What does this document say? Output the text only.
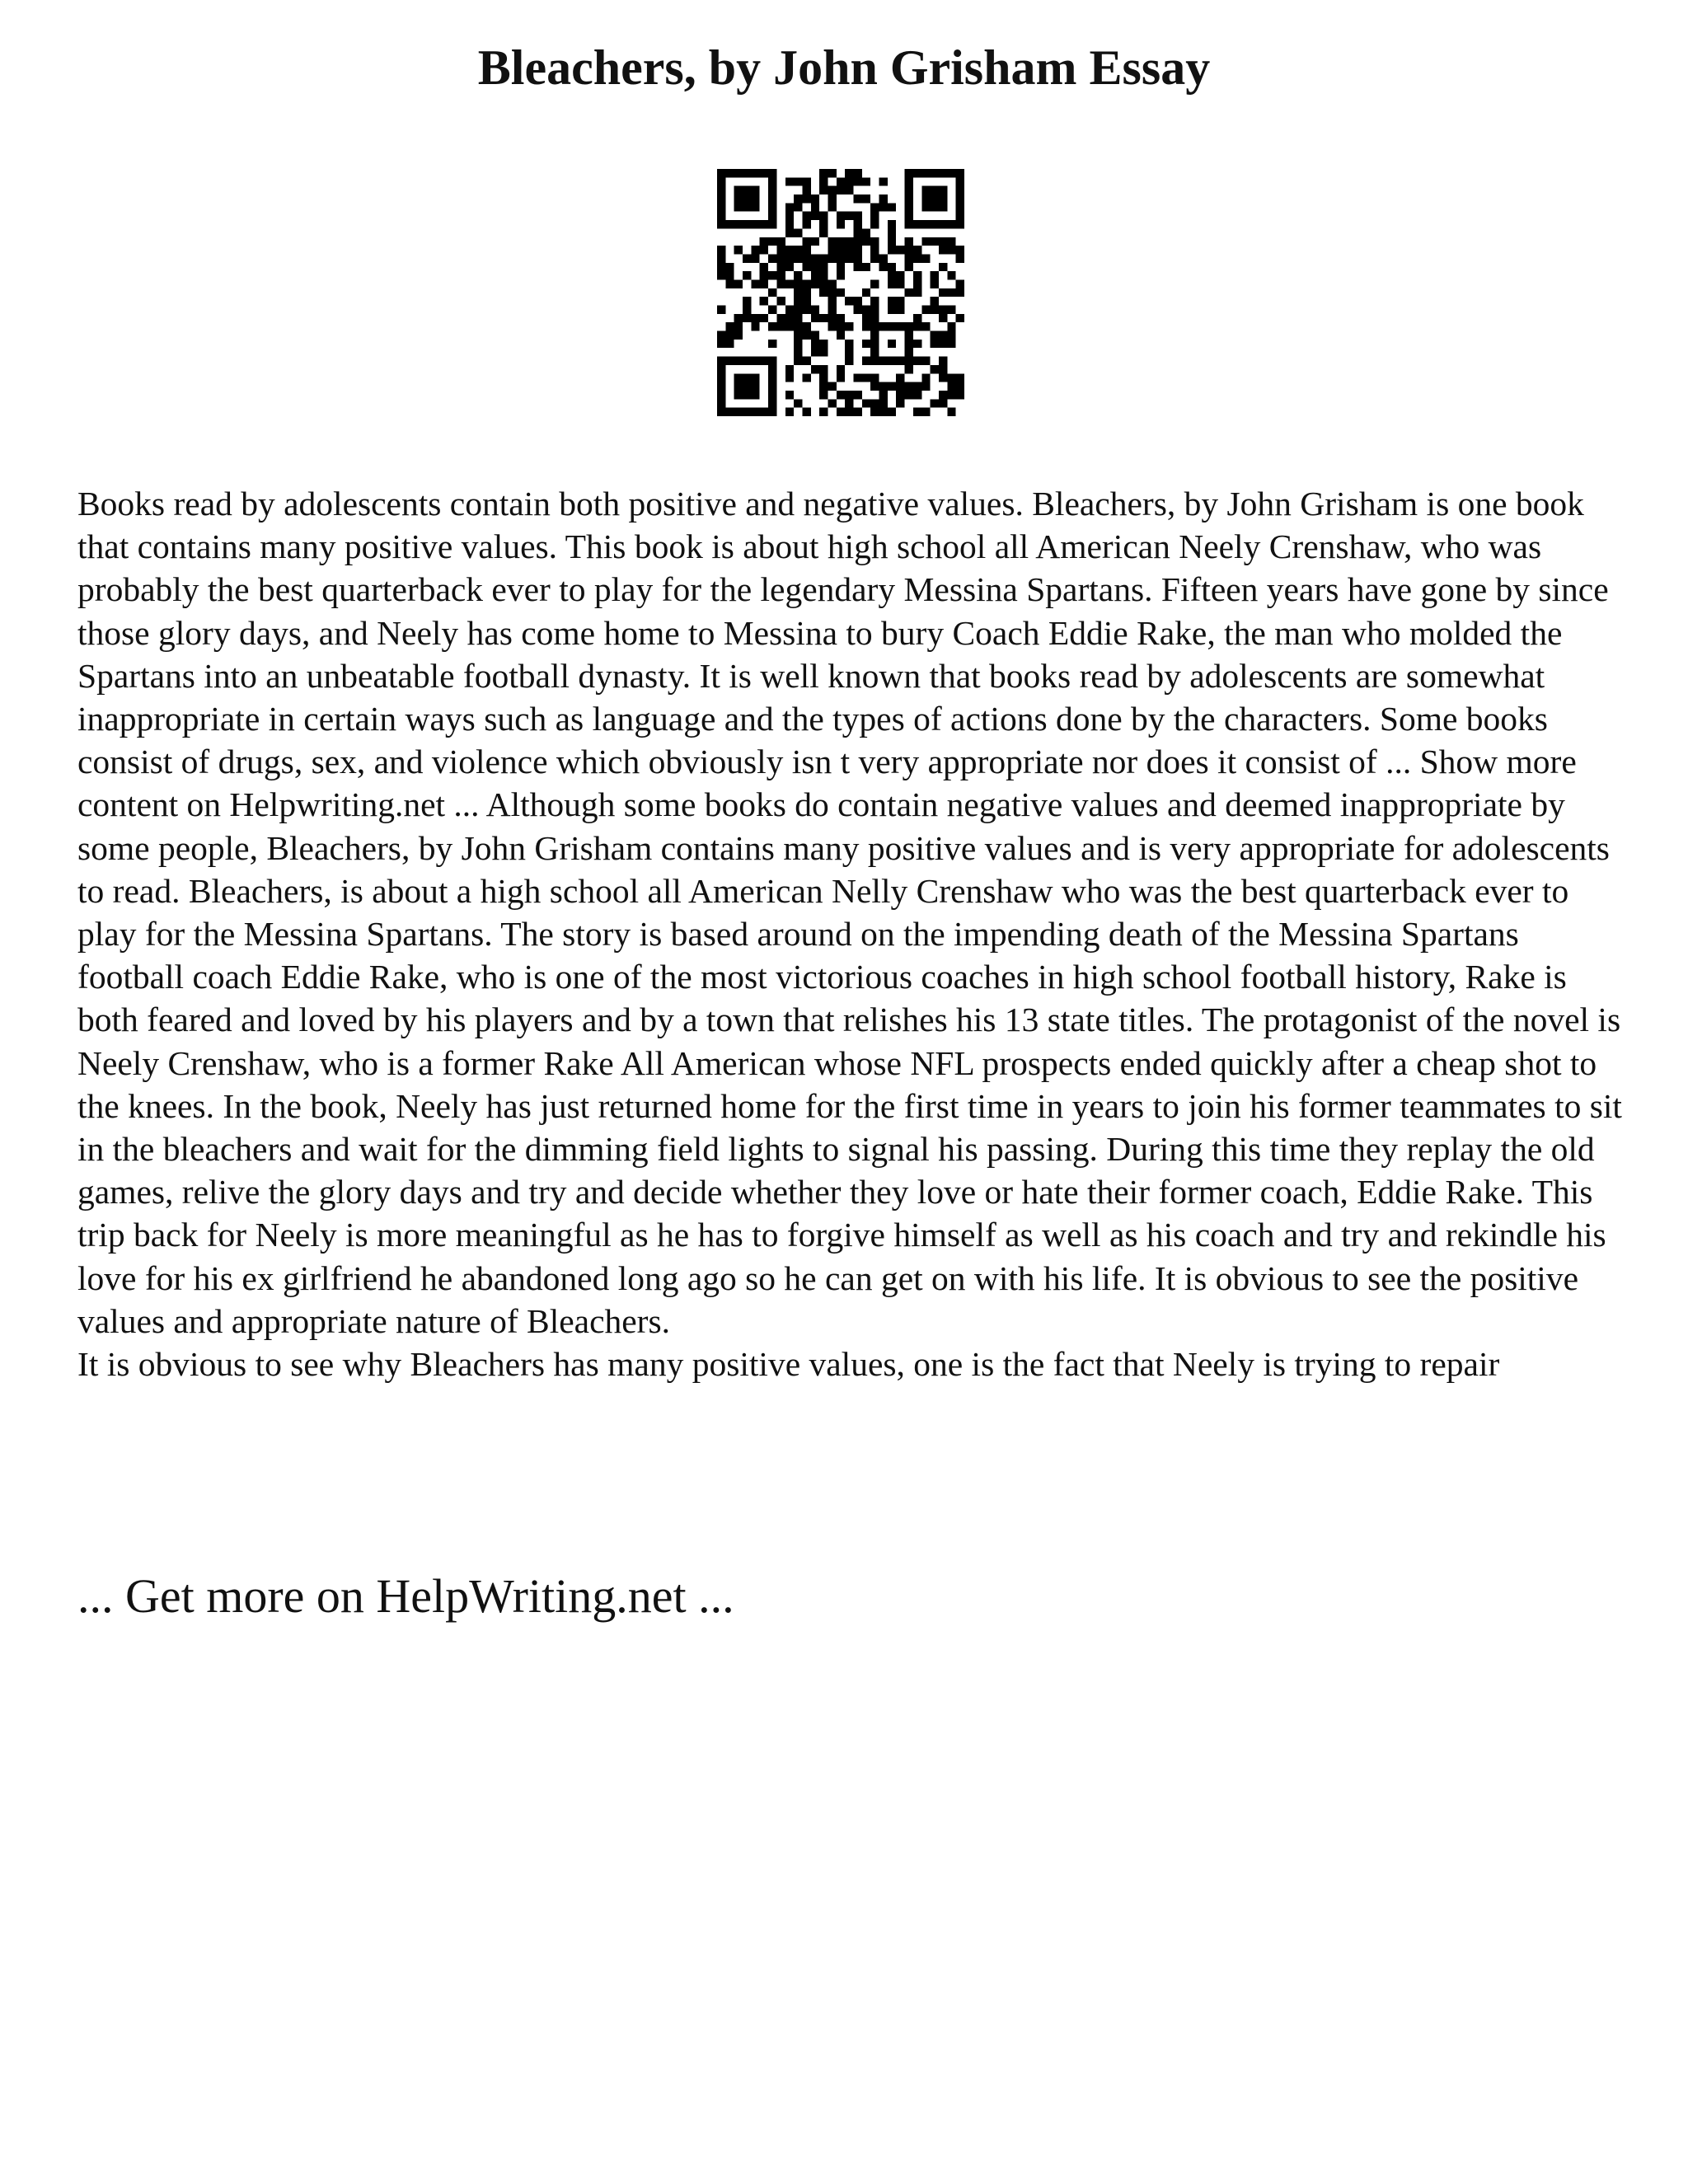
Bleachers, by John Grisham Essay

Books read by adolescents contain both positive and negative values. Bleachers, by John Grisham is one book that contains many positive values. This book is about high school all American Neely Crenshaw, who was probably the best quarterback ever to play for the legendary Messina Spartans. Fifteen years have gone by since those glory days, and Neely has come home to Messina to bury Coach Eddie Rake, the man who molded the Spartans into an unbeatable football dynasty. It is well known that books read by adolescents are somewhat inappropriate in certain ways such as language and the types of actions done by the characters. Some books consist of drugs, sex, and violence which obviously isn t very appropriate nor does it consist of ... Show more content on Helpwriting.net ... Although some books do contain negative values and deemed inappropriate by some people, Bleachers, by John Grisham contains many positive values and is very appropriate for adolescents to read. Bleachers, is about a high school all American Nelly Crenshaw who was the best quarterback ever to play for the Messina Spartans. The story is based around on the impending death of the Messina Spartans football coach Eddie Rake, who is one of the most victorious coaches in high school football history, Rake is both feared and loved by his players and by a town that relishes his 13 state titles. The protagonist of the novel is Neely Crenshaw, who is a former Rake All American whose NFL prospects ended quickly after a cheap shot to the knees. In the book, Neely has just returned home for the first time in years to join his former teammates to sit in the bleachers and wait for the dimming field lights to signal his passing. During this time they replay the old games, relive the glory days and try and decide whether they love or hate their former coach, Eddie Rake. This trip back for Neely is more meaningful as he has to forgive himself as well as his coach and try and rekindle his love for his ex girlfriend he abandoned long ago so he can get on with his life. It is obvious to see the positive values and appropriate nature of Bleachers.

It is obvious to see why Bleachers has many positive values, one is the fact that Neely is trying to repair

... Get more on HelpWriting.net ...
